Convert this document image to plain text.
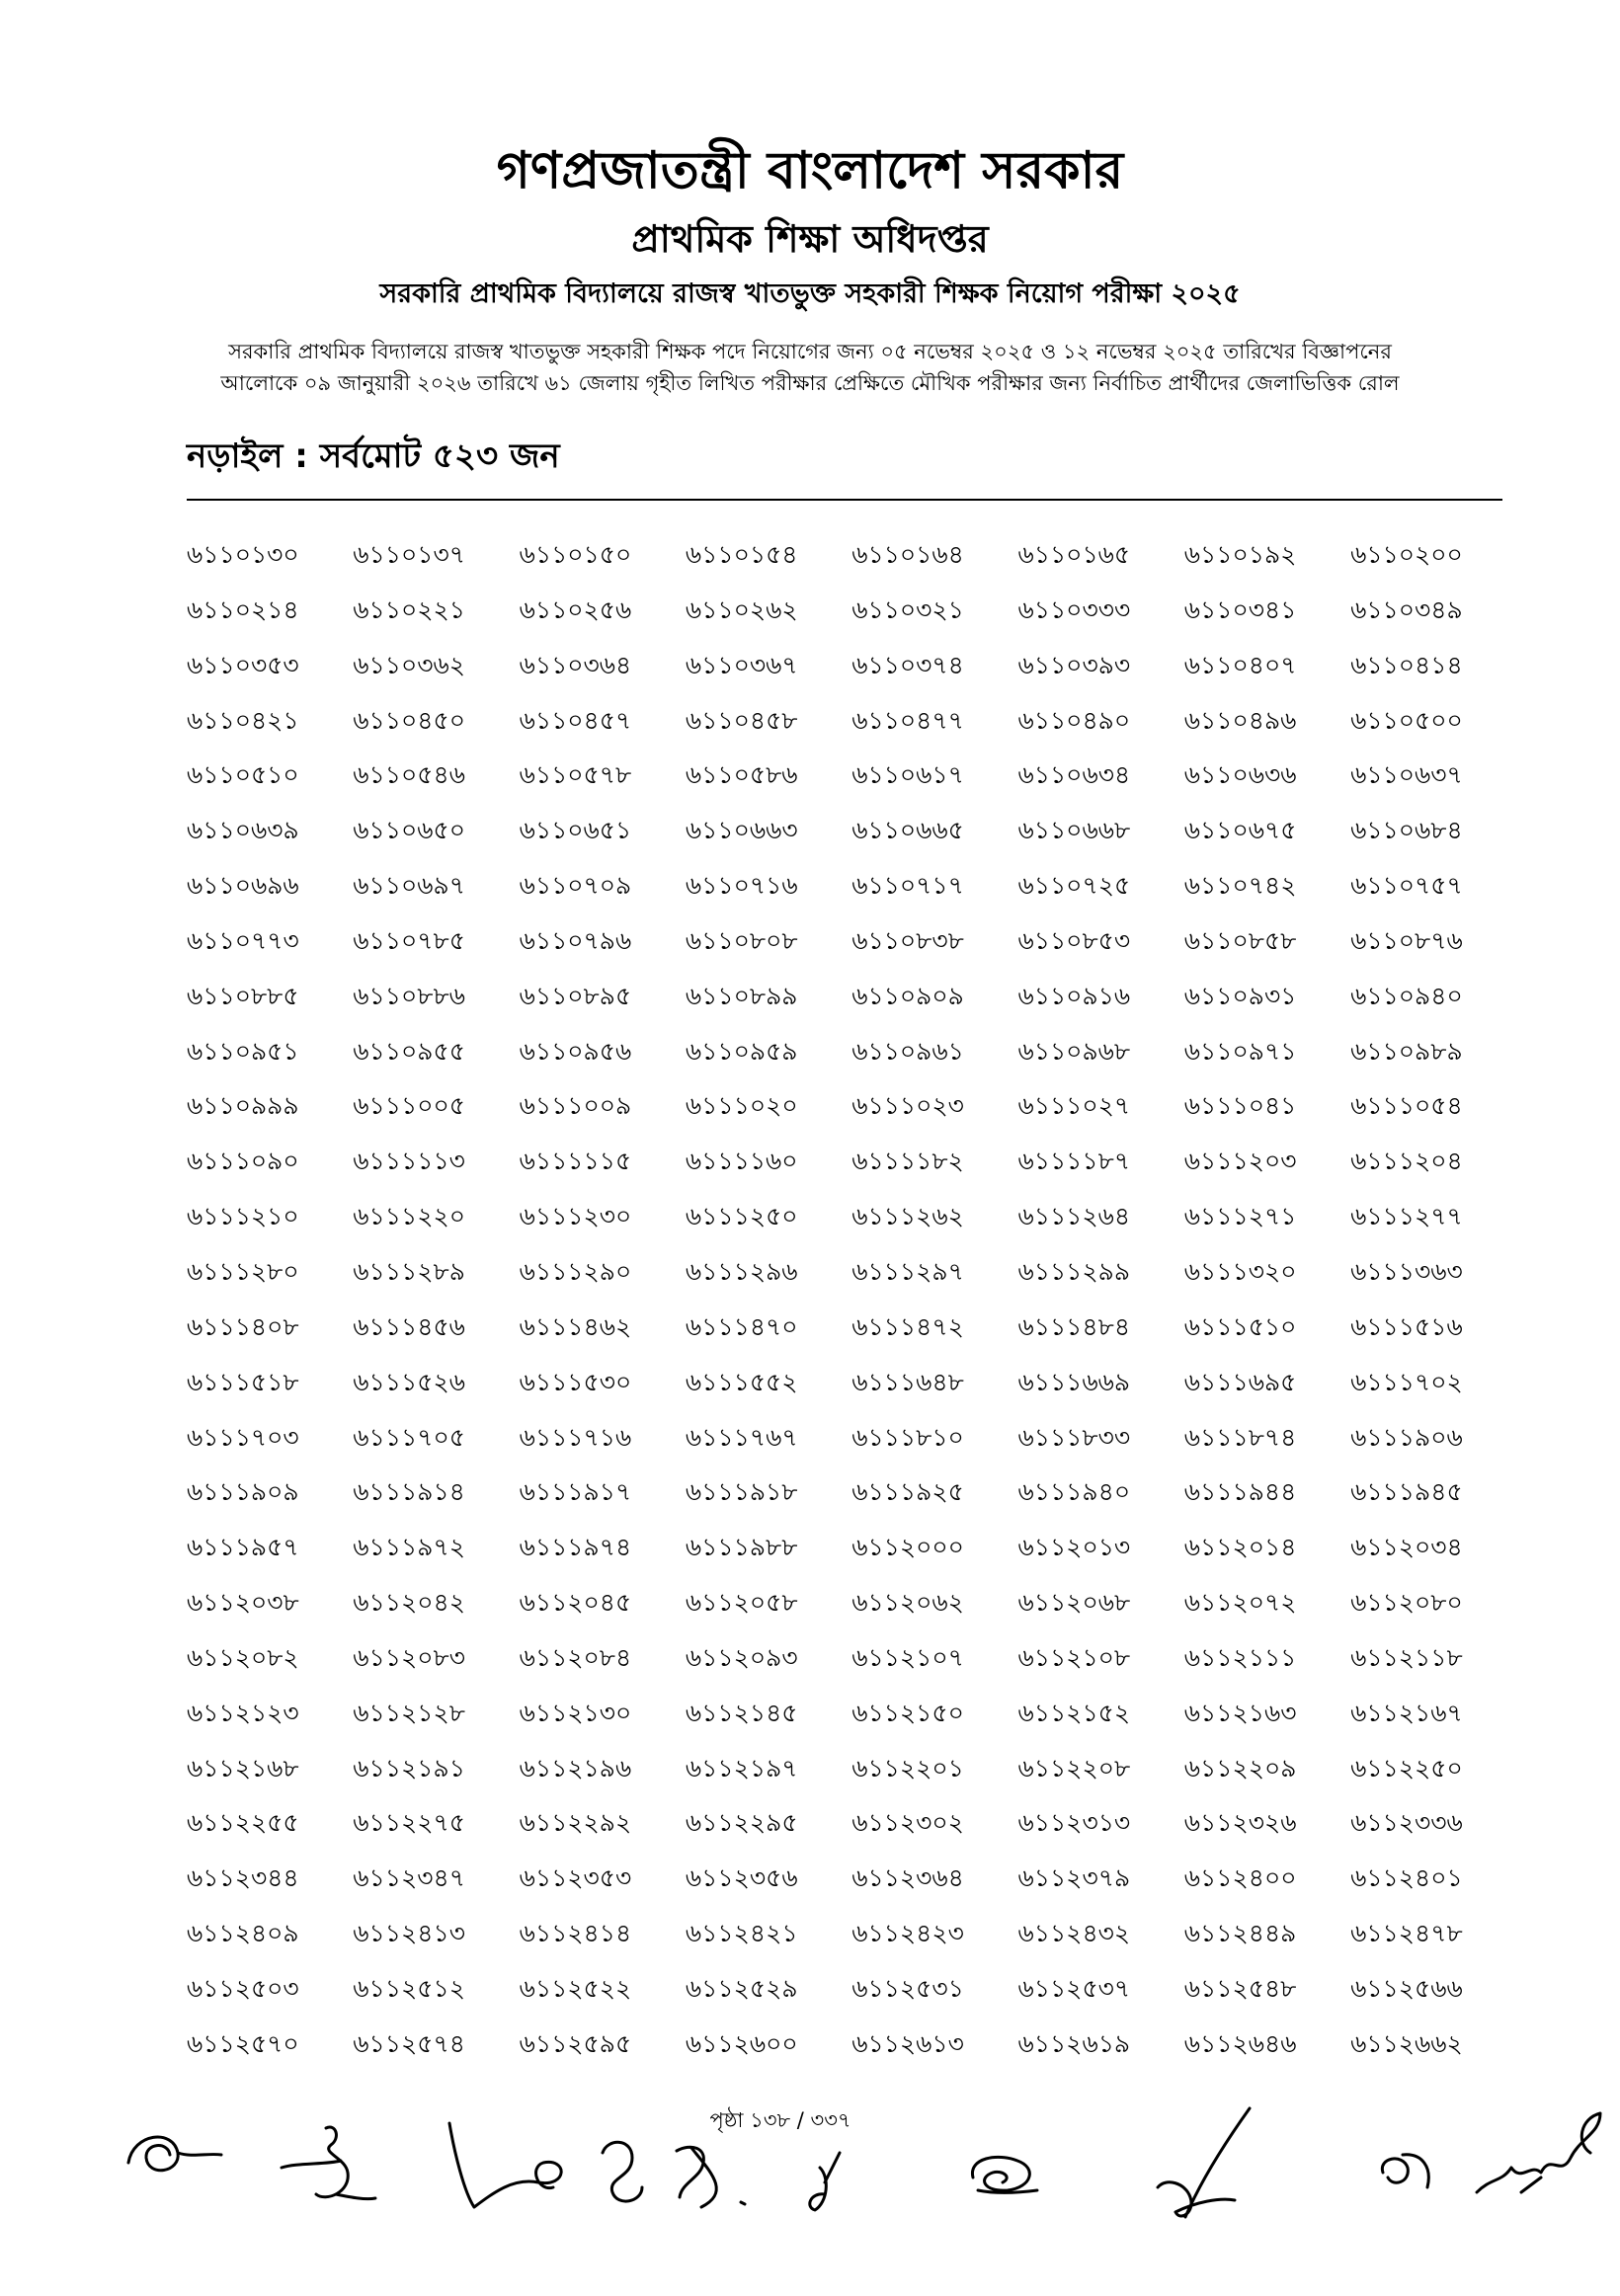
গণপ্রজাতন্ত্রী বাংলাদেশ সরকার
প্রাথমিক শিক্ষা অধিদপ্তর
সরকারি প্রাথমিক বিদ্যালয়ে রাজস্ব খাতভুক্ত সহকারী শিক্ষক নিয়োগ পরীক্ষা ২০২৫
সরকারি প্রাথমিক বিদ্যালয়ে রাজস্ব খাতভুক্ত সহকারী শিক্ষক পদে নিয়োগের জন্য ০৫ নভেম্বর ২০২৫ ও ১২ নভেম্বর ২০২৫ তারিখের বিজ্ঞাপনের
আলোকে ০৯ জানুয়ারী ২০২৬ তারিখে ৬১ জেলায় গৃহীত লিখিত পরীক্ষার প্রেক্ষিতে মৌখিক পরীক্ষার জন্য নির্বাচিত প্রার্থীদের জেলাভিত্তিক রোল
নড়াইল : সর্বমোট ৫২৩ জন
৬১১০১৩০	৬১১০১৩৭	৬১১০১৫০	৬১১০১৫৪	৬১১০১৬৪	৬১১০১৬৫	৬১১০১৯২	৬১১০২০০
৬১১০২১৪	৬১১০২২১	৬১১০২৫৬	৬১১০২৬২	৬১১০৩২১	৬১১০৩৩৩	৬১১০৩৪১	৬১১০৩৪৯
৬১১০৩৫৩	৬১১০৩৬২	৬১১০৩৬৪	৬১১০৩৬৭	৬১১০৩৭৪	৬১১০৩৯৩	৬১১০৪০৭	৬১১০৪১৪
৬১১০৪২১	৬১১০৪৫০	৬১১০৪৫৭	৬১১০৪৫৮	৬১১০৪৭৭	৬১১০৪৯০	৬১১০৪৯৬	৬১১০৫০০
৬১১০৫১০	৬১১০৫৪৬	৬১১০৫৭৮	৬১১০৫৮৬	৬১১০৬১৭	৬১১০৬৩৪	৬১১০৬৩৬	৬১১০৬৩৭
৬১১০৬৩৯	৬১১০৬৫০	৬১১০৬৫১	৬১১০৬৬৩	৬১১০৬৬৫	৬১১০৬৬৮	৬১১০৬৭৫	৬১১০৬৮৪
৬১১০৬৯৬	৬১১০৬৯৭	৬১১০৭০৯	৬১১০৭১৬	৬১১০৭১৭	৬১১০৭২৫	৬১১০৭৪২	৬১১০৭৫৭
৬১১০৭৭৩	৬১১০৭৮৫	৬১১০৭৯৬	৬১১০৮০৮	৬১১০৮৩৮	৬১১০৮৫৩	৬১১০৮৫৮	৬১১০৮৭৬
৬১১০৮৮৫	৬১১০৮৮৬	৬১১০৮৯৫	৬১১০৮৯৯	৬১১০৯০৯	৬১১০৯১৬	৬১১০৯৩১	৬১১০৯৪০
৬১১০৯৫১	৬১১০৯৫৫	৬১১০৯৫৬	৬১১০৯৫৯	৬১১০৯৬১	৬১১০৯৬৮	৬১১০৯৭১	৬১১০৯৮৯
৬১১০৯৯৯	৬১১১০০৫	৬১১১০০৯	৬১১১০২০	৬১১১০২৩	৬১১১০২৭	৬১১১০৪১	৬১১১০৫৪
৬১১১০৯০	৬১১১১১৩	৬১১১১১৫	৬১১১১৬০	৬১১১১৮২	৬১১১১৮৭	৬১১১২০৩	৬১১১২০৪
৬১১১২১০	৬১১১২২০	৬১১১২৩০	৬১১১২৫০	৬১১১২৬২	৬১১১২৬৪	৬১১১২৭১	৬১১১২৭৭
৬১১১২৮০	৬১১১২৮৯	৬১১১২৯০	৬১১১২৯৬	৬১১১২৯৭	৬১১১২৯৯	৬১১১৩২০	৬১১১৩৬৩
৬১১১৪০৮	৬১১১৪৫৬	৬১১১৪৬২	৬১১১৪৭০	৬১১১৪৭২	৬১১১৪৮৪	৬১১১৫১০	৬১১১৫১৬
৬১১১৫১৮	৬১১১৫২৬	৬১১১৫৩০	৬১১১৫৫২	৬১১১৬৪৮	৬১১১৬৬৯	৬১১১৬৯৫	৬১১১৭০২
৬১১১৭০৩	৬১১১৭০৫	৬১১১৭১৬	৬১১১৭৬৭	৬১১১৮১০	৬১১১৮৩৩	৬১১১৮৭৪	৬১১১৯০৬
৬১১১৯০৯	৬১১১৯১৪	৬১১১৯১৭	৬১১১৯১৮	৬১১১৯২৫	৬১১১৯৪০	৬১১১৯৪৪	৬১১১৯৪৫
৬১১১৯৫৭	৬১১১৯৭২	৬১১১৯৭৪	৬১১১৯৮৮	৬১১২০০০	৬১১২০১৩	৬১১২০১৪	৬১১২০৩৪
৬১১২০৩৮	৬১১২০৪২	৬১১২০৪৫	৬১১২০৫৮	৬১১২০৬২	৬১১২০৬৮	৬১১২০৭২	৬১১২০৮০
৬১১২০৮২	৬১১২০৮৩	৬১১২০৮৪	৬১১২০৯৩	৬১১২১০৭	৬১১২১০৮	৬১১২১১১	৬১১২১১৮
৬১১২১২৩	৬১১২১২৮	৬১১২১৩০	৬১১২১৪৫	৬১১২১৫০	৬১১২১৫২	৬১১২১৬৩	৬১১২১৬৭
৬১১২১৬৮	৬১১২১৯১	৬১১২১৯৬	৬১১২১৯৭	৬১১২২০১	৬১১২২০৮	৬১১২২০৯	৬১১২২৫০
৬১১২২৫৫	৬১১২২৭৫	৬১১২২৯২	৬১১২২৯৫	৬১১২৩০২	৬১১২৩১৩	৬১১২৩২৬	৬১১২৩৩৬
৬১১২৩৪৪	৬১১২৩৪৭	৬১১২৩৫৩	৬১১২৩৫৬	৬১১২৩৬৪	৬১১২৩৭৯	৬১১২৪০০	৬১১২৪০১
৬১১২৪০৯	৬১১২৪১৩	৬১১২৪১৪	৬১১২৪২১	৬১১২৪২৩	৬১১২৪৩২	৬১১২৪৪৯	৬১১২৪৭৮
৬১১২৫০৩	৬১১২৫১২	৬১১২৫২২	৬১১২৫২৯	৬১১২৫৩১	৬১১২৫৩৭	৬১১২৫৪৮	৬১১২৫৬৬
৬১১২৫৭০	৬১১২৫৭৪	৬১১২৫৯৫	৬১১২৬০০	৬১১২৬১৩	৬১১২৬১৯	৬১১২৬৪৬	৬১১২৬৬২
পৃষ্ঠা ১৩৮ / ৩৩৭
